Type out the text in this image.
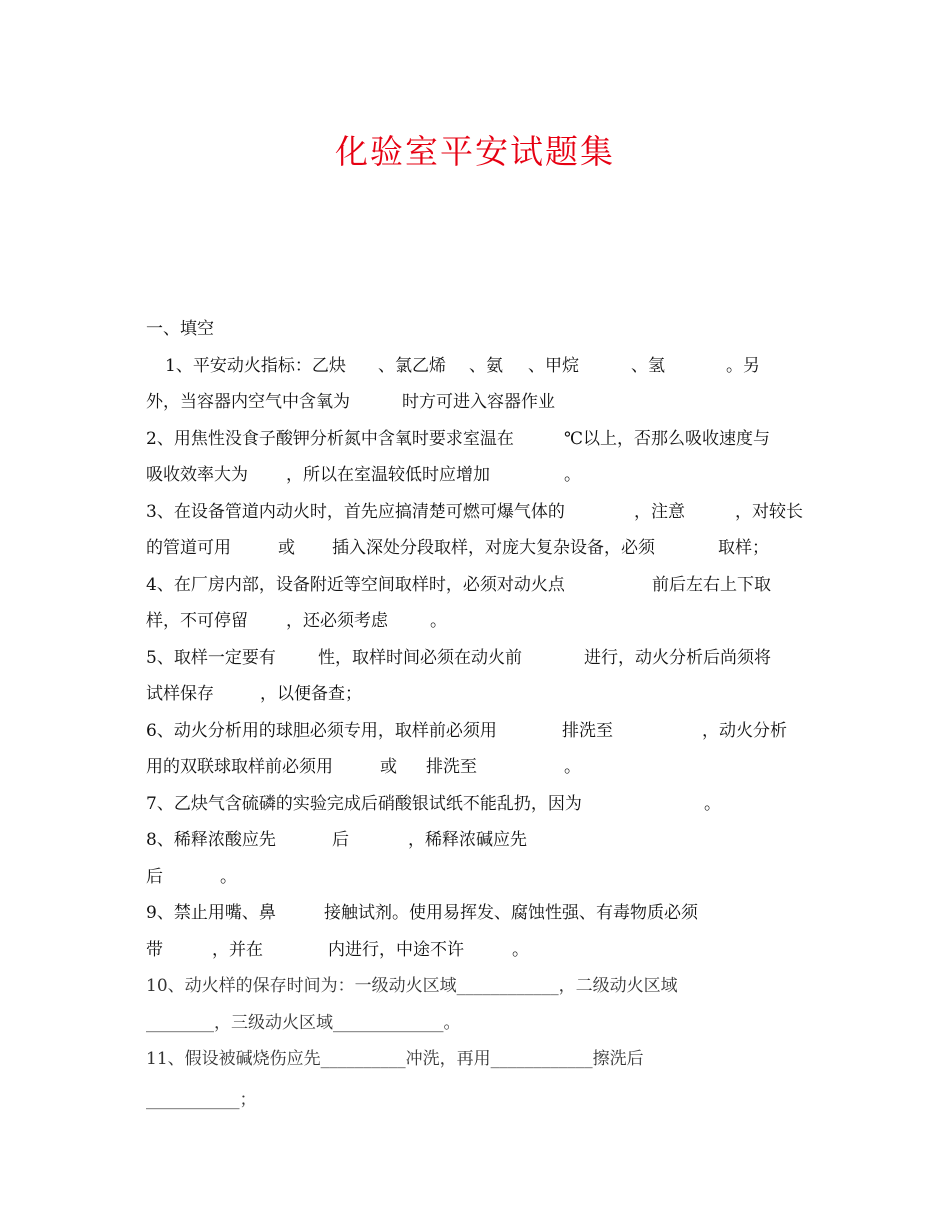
化验室平安试题集
一、填空
1、平安动火指标：乙炔 、氯乙烯 、氨 、甲烷	、氢	。另
外，当容器内空气中含氧为	时方可进入容器作业
2、用焦性没食子酸钾分析氮中含氧时要求室温在	℃以上，否那么吸收速度与
吸收效率大为 ，所以在室温较低时应增加	。
3、在设备管道内动火时，首先应搞清楚可燃可爆气体的	，注意	，对较长
的管道可用	或 插入深处分段取样，对庞大复杂设备，必须	取样；
4、在厂房内部，设备附近等空间取样时，必须对动火点	前后左右上下取
样，不可停留 ，还必须考虑 。
5、取样一定要有 性，取样时间必须在动火前	进行，动火分析后尚须将
试样保存	，以便备查；
6、动火分析用的球胆必须专用，取样前必须用	排洗至	，动火分析
用的双联球取样前必须用	或 排洗至	。
7、乙炔气含硫磷的实验完成后硝酸银试纸不能乱扔，因为	。
8、稀释浓酸应先	后	，稀释浓碱应先
后	。
9、禁止用嘴、鼻	接触试剂。使用易挥发、腐蚀性强、有毒物质必须
带	，并在	内进行，中途不许	。
10、动火样的保存时间为：一级动火区域____________，二级动火区域
________，三级动火区域_____________。
11、假设被碱烧伤应先__________冲洗，再用____________擦洗后
___________；
